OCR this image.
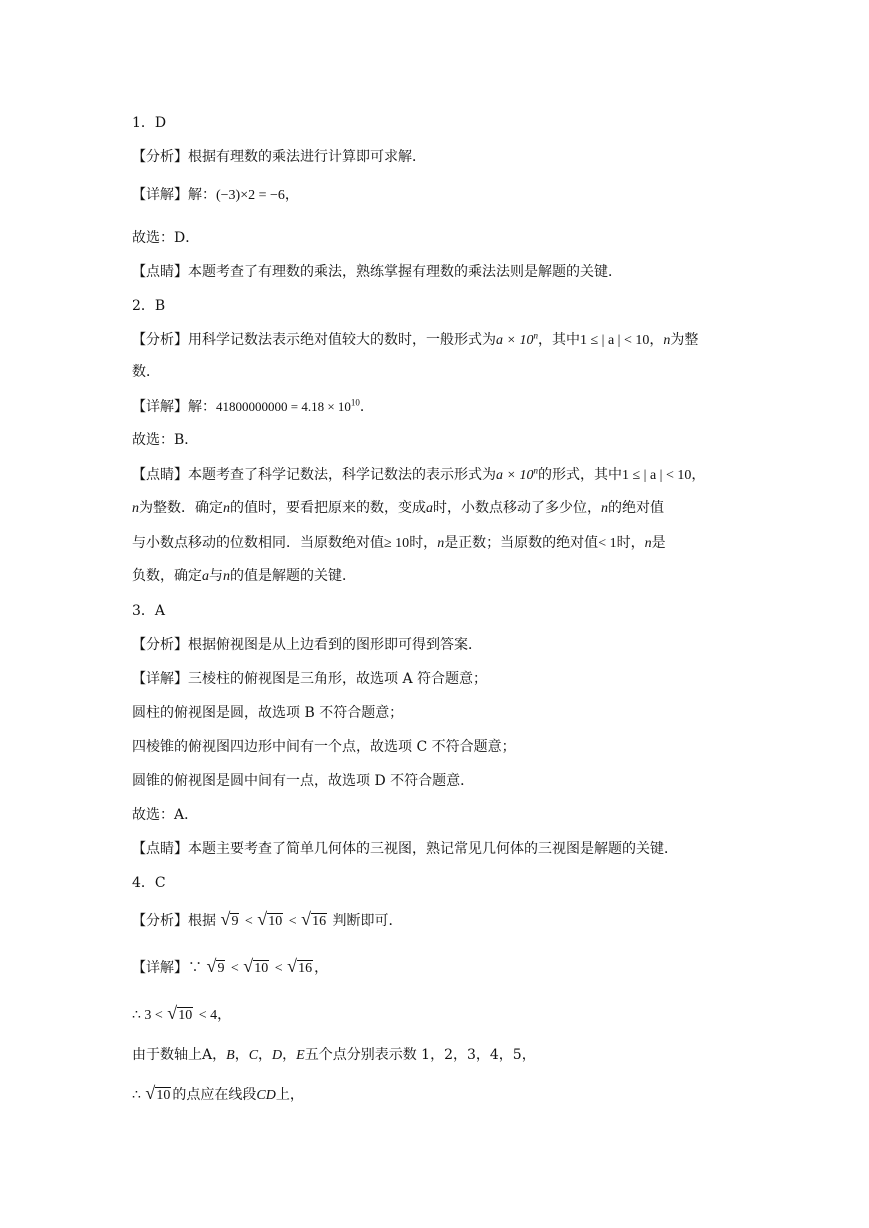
1．D
【分析】根据有理数的乘法进行计算即可求解．
【详解】解：(−3)×2 = −6，
故选：D．
【点睛】本题考查了有理数的乘法，熟练掌握有理数的乘法法则是解题的关键．
2．B
【分析】用科学记数法表示绝对值较大的数时，一般形式为$a \times 10^n$，其中1 ≤ | a | < 10，n为整
数．
【详解】解：$41800000000 = 4.18 \times 10^{10}$．
故选：B．
【点睛】本题考查了科学记数法，科学记数法的表示形式为$a \times 10^n$的形式，其中1 ≤ | a | < 10，
n为整数．确定n的值时，要看把原来的数，变成a时，小数点移动了多少位，n的绝对值
与小数点移动的位数相同．当原数绝对值≥ 10时，n是正数；当原数的绝对值< 1时，n是
负数，确定a与n的值是解题的关键．
3．A
【分析】根据俯视图是从上边看到的图形即可得到答案．
【详解】三棱柱的俯视图是三角形，故选项 A 符合题意；
圆柱的俯视图是圆，故选项 B 不符合题意；
四棱锥的俯视图四边形中间有一个点，故选项 C 不符合题意；
圆锥的俯视图是圆中间有一点，故选项 D 不符合题意．
故选：A．
【点睛】本题主要考查了简单几何体的三视图，熟记常见几何体的三视图是解题的关键．
4．C
【分析】根据 √ 9 < √ 10 < √ 16 判断即可．
【详解】∵ √ 9 < √ 10 < √ 16 ，
∴ 3 < √ 10 < 4，
由于数轴上A，B，C，D，E五个点分别表示数 1，2，3，4，5，
∴ √ 10 的点应在线段CD上，
